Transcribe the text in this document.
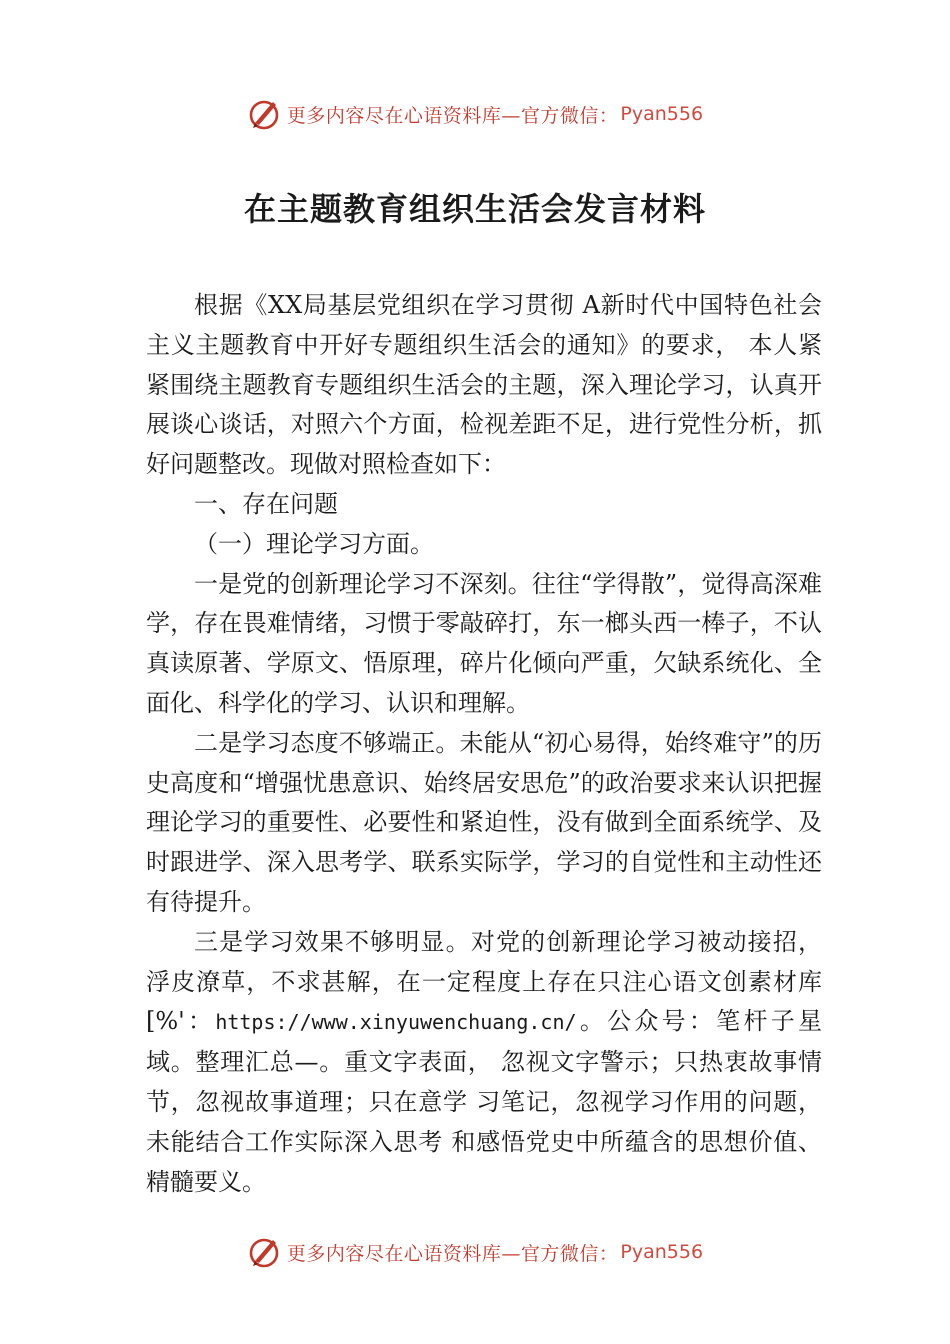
更多内容尽在心语资料库—官方微信： Pyan556
在主题教育组织生活会发言材料

根据《XX局基层党组织在学习贯彻 A新时代中国特色社会主义主题教育中开好专题组织生活会的通知》的要求， 本人紧紧围绕主题教育专题组织生活会的主题，深入理论学习，认真开展谈心谈话，对照六个方面，检视差距不足，进行党性分析，抓好问题整改。现做对照检查如下：

一、存在问题

（一）理论学习方面。

一是党的创新理论学习不深刻。往往“学得散”，觉得高深难学，存在畏难情绪，习惯于零敲碎打，东一榔头西一棒子，不认真读原著、学原文、悟原理，碎片化倾向严重，欠缺系统化、全面化、科学化的学习、认识和理解。

二是学习态度不够端正。未能从“初心易得，始终难守”的历史高度和“增强忧患意识、始终居安思危”的政治要求来认识把握理论学习的重要性、必要性和紧迫性，没有做到全面系统学、及时跟进学、深入思考学、联系实际学，学习的自觉性和主动性还有待提升。

三是学习效果不够明显。对党的创新理论学习被动接招， 浮皮潦草，不求甚解，在一定程度上存在只注心语文创素材库[%'：https://www.xinyuwenchuang.cn/。公众号：笔杆子星域。整理汇总—。重文字表面， 忽视文字警示；只热衷故事情节，忽视故事道理；只在意学 习笔记，忽视学习作用的问题，未能结合工作实际深入思考 和感悟党史中所蕴含的思想价值、精髓要义。

更多内容尽在心语资料库—官方微信： Pyan556
